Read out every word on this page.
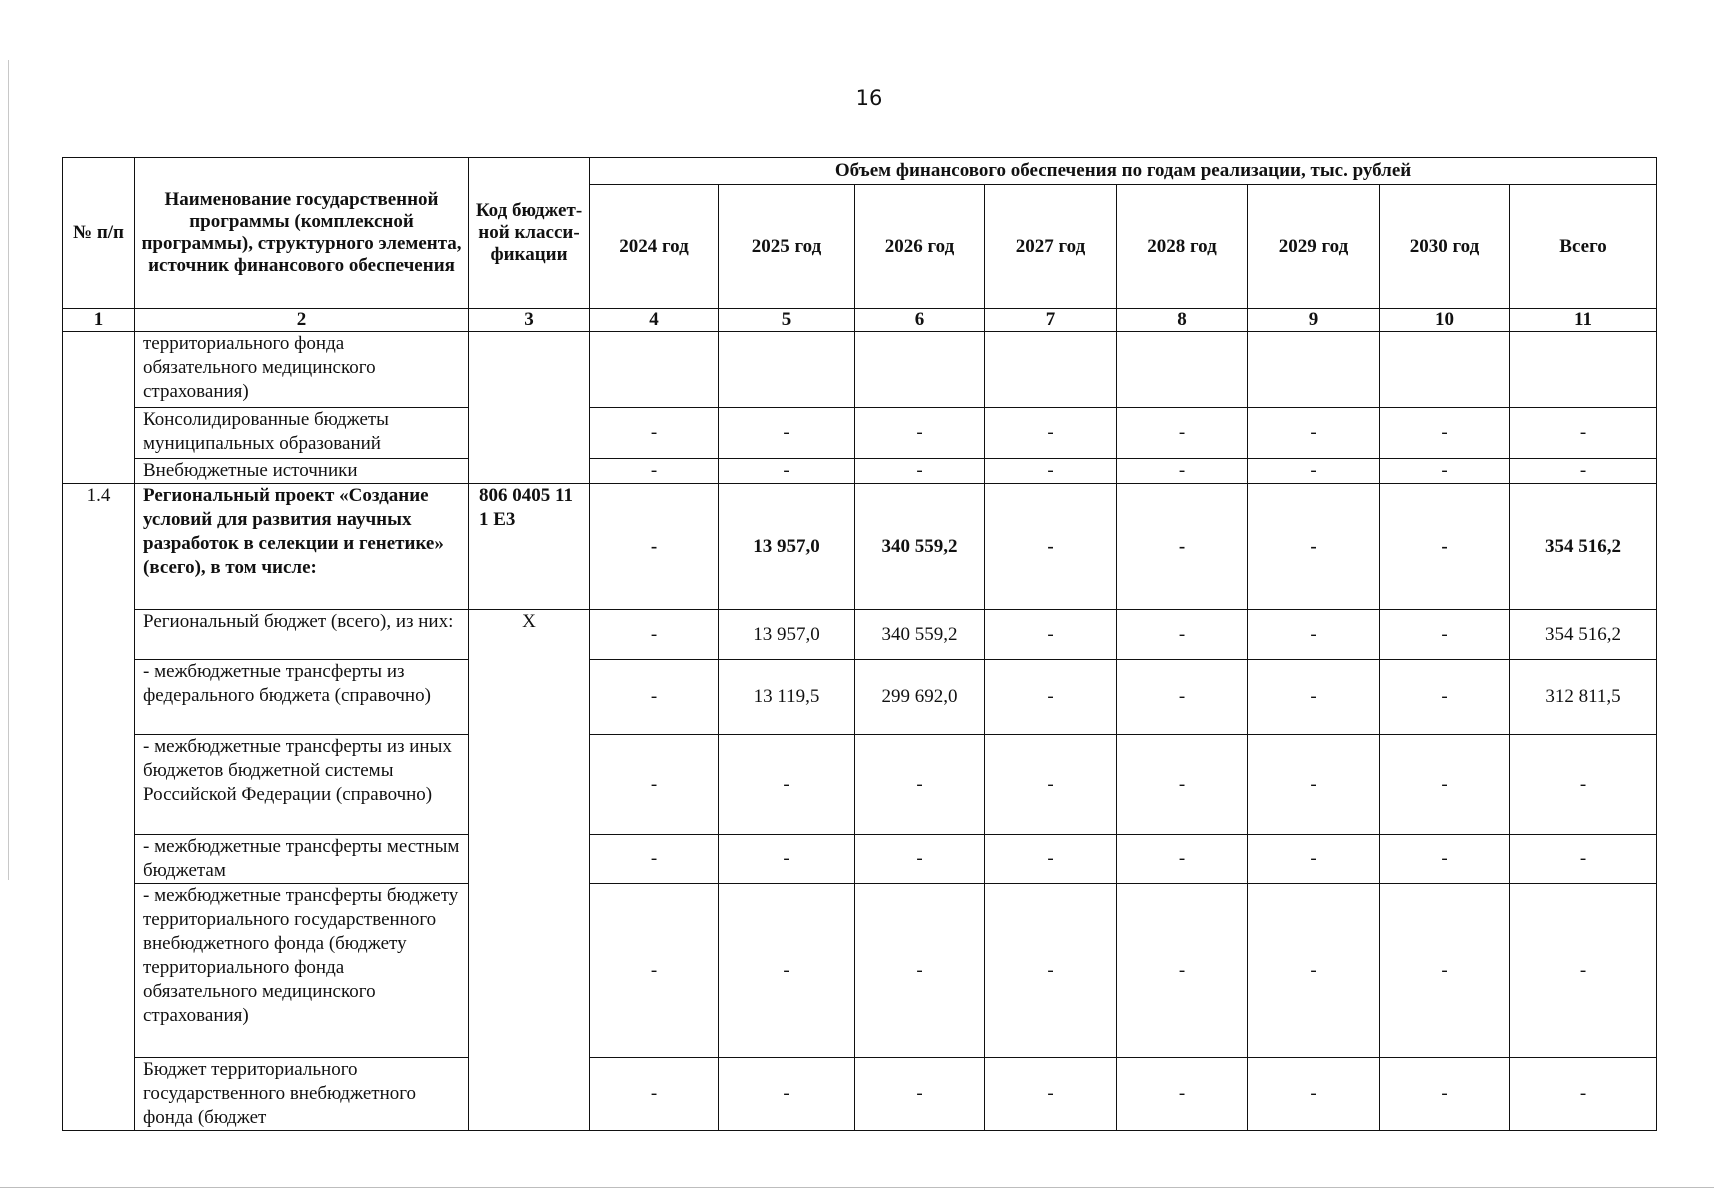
16
№ п/п	Наименование государственной программы (комплексной программы), структурного элемента, источник финансового обеспечения	Код бюджет-ной класси-фикации	Объем финансового обеспечения по годам реализации, тыс. рублей							
			2024 год	2025 год	2026 год	2027 год	2028 год	2029 год	2030 год	Всего
1	2	3	4	5	6	7	8	9	10	11
	территориального фонда обязательного медицинского страхования)									
	Консолидированные бюджеты муниципальных образований		-	-	-	-	-	-	-	-
	Внебюджетные источники		-	-	-	-	-	-	-	-
1.4	Региональный проект «Создание условий для развития научных разработок в селекции и генетике» (всего), в том числе:	806 0405 11 1 E3	-	13 957,0	340 559,2	-	-	-	-	354 516,2
	Региональный бюджет (всего), из них:	X	-	13 957,0	340 559,2	-	-	-	-	354 516,2
	- межбюджетные трансферты из федерального бюджета (справочно)		-	13 119,5	299 692,0	-	-	-	-	312 811,5
	- межбюджетные трансферты из иных бюджетов бюджетной системы Российской Федерации (справочно)		-	-	-	-	-	-	-	-
	- межбюджетные трансферты местным бюджетам		-	-	-	-	-	-	-	-
	- межбюджетные трансферты бюджету территориального государственного внебюджетного фонда (бюджету территориального фонда обязательного медицинского страхования)		-	-	-	-	-	-	-	-
	Бюджет территориального государственного внебюджетного фонда (бюджет		-	-	-	-	-	-	-	-
